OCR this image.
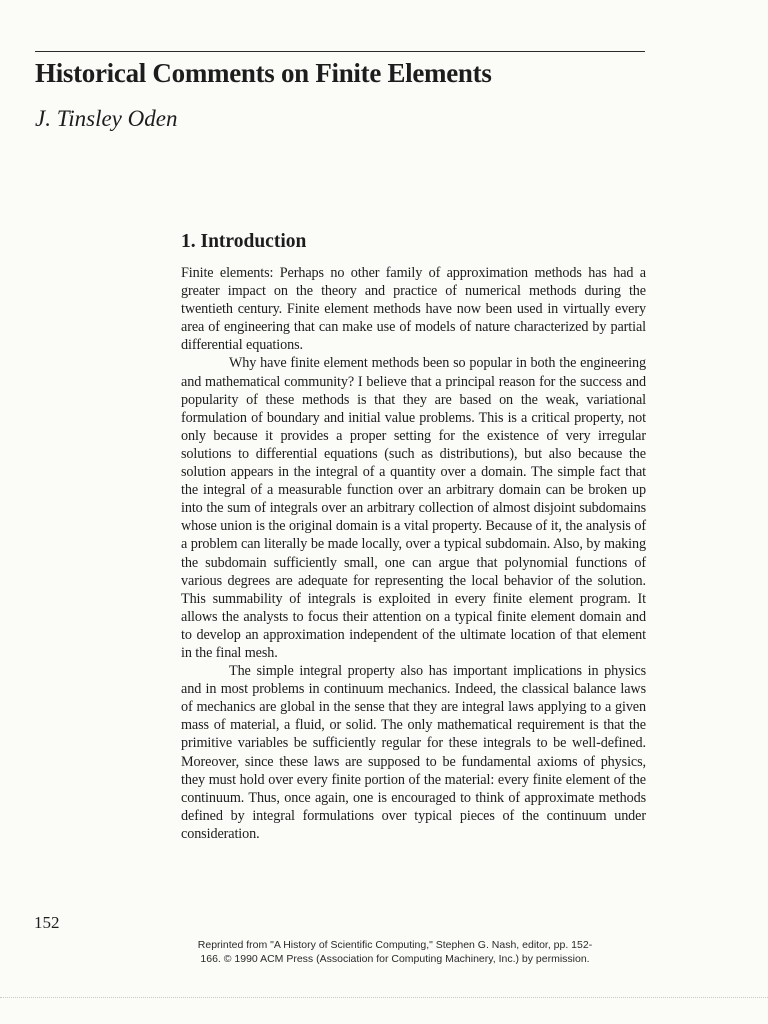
Historical Comments on Finite Elements
J. Tinsley Oden
1. Introduction

Finite elements: Perhaps no other family of approximation methods has had a greater impact on the theory and practice of numerical methods during the twentieth century. Finite element methods have now been used in virtually every area of engineering that can make use of models of nature characterized by partial differential equations.

Why have finite element methods been so popular in both the engineering and mathematical community? I believe that a principal reason for the success and popularity of these methods is that they are based on the weak, variational formulation of boundary and initial value problems. This is a critical property, not only because it provides a proper setting for the existence of very irregular solutions to differential equations (such as distributions), but also because the solution appears in the integral of a quantity over a domain. The simple fact that the integral of a measurable function over an arbitrary domain can be broken up into the sum of integrals over an arbitrary collection of almost disjoint subdomains whose union is the original domain is a vital property. Because of it, the analysis of a problem can literally be made locally, over a typical subdomain. Also, by making the subdomain sufficiently small, one can argue that polynomial functions of various degrees are adequate for representing the local behavior of the solution. This summability of integrals is exploited in every finite element program. It allows the analysts to focus their attention on a typical finite element domain and to develop an approximation independent of the ultimate location of that element in the final mesh.

The simple integral property also has important implications in physics and in most problems in continuum mechanics. Indeed, the classical balance laws of mechanics are global in the sense that they are integral laws applying to a given mass of material, a fluid, or solid. The only mathematical requirement is that the primitive variables be sufficiently regular for these integrals to be well-defined. Moreover, since these laws are supposed to be fundamental axioms of physics, they must hold over every finite portion of the material: every finite element of the continuum. Thus, once again, one is encouraged to think of approximate methods defined by integral formulations over typical pieces of the continuum under consideration.

152
Reprinted from "A History of Scientific Computing," Stephen G. Nash, editor, pp. 152-166. © 1990 ACM Press (Association for Computing Machinery, Inc.) by permission.
